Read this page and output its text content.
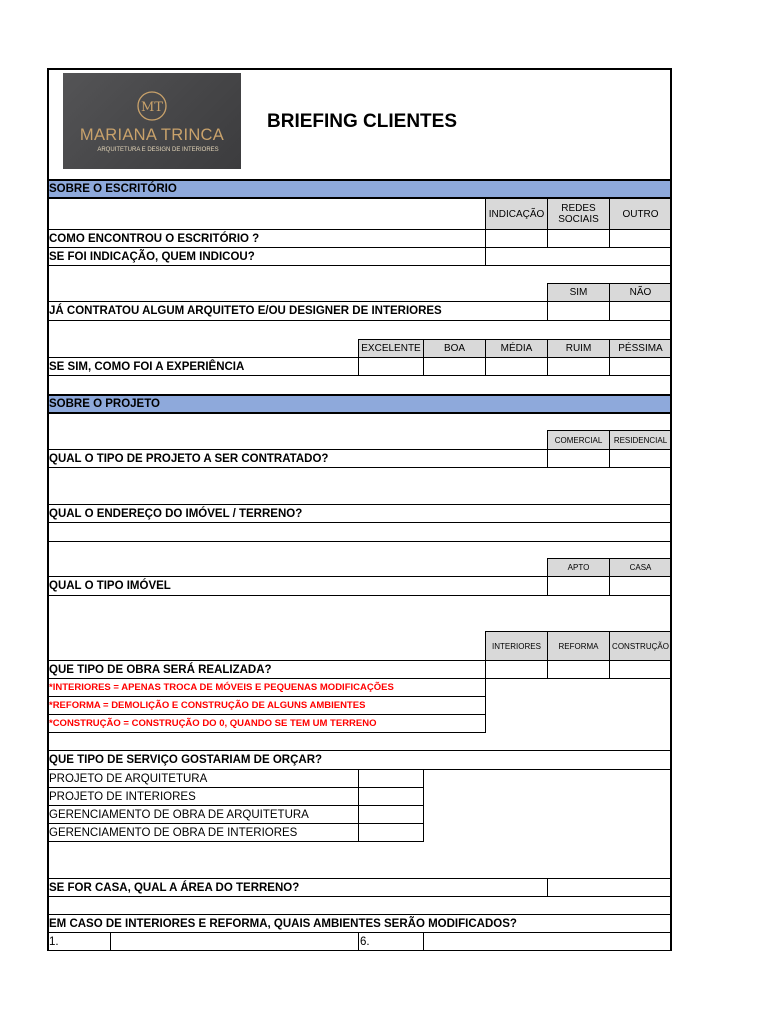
MT
MARIANA TRINCA
ARQUITETURA E DESIGN DE INTERIORES
BRIEFING CLIENTES
SOBRE O ESCRITÓRIO
INDICAÇÃO	REDES SOCIAIS	OUTRO
COMO ENCONTROU O ESCRITÓRIO ?
SE FOI INDICAÇÃO, QUEM INDICOU?
SIM	NÃO
JÁ CONTRATOU ALGUM ARQUITETO E/OU DESIGNER DE INTERIORES
EXCELENTE	BOA	MÉDIA	RUIM	PÉSSIMA
SE SIM, COMO FOI A EXPERIÊNCIA
SOBRE O PROJETO
COMERCIAL	RESIDENCIAL
QUAL O TIPO DE PROJETO A SER CONTRATADO?
QUAL O ENDEREÇO DO IMÓVEL / TERRENO?
APTO	CASA
QUAL O TIPO IMÓVEL
INTERIORES	REFORMA	CONSTRUÇÃO
QUE TIPO DE OBRA SERÁ REALIZADA?
*INTERIORES = APENAS TROCA DE MÓVEIS E PEQUENAS MODIFICAÇÕES
*REFORMA = DEMOLIÇÃO E CONSTRUÇÃO DE ALGUNS AMBIENTES
*CONSTRUÇÃO = CONSTRUÇÃO DO 0, QUANDO SE TEM UM TERRENO
QUE TIPO DE SERVIÇO GOSTARIAM DE ORÇAR?
PROJETO DE ARQUITETURA
PROJETO DE INTERIORES
GERENCIAMENTO DE OBRA DE ARQUITETURA
GERENCIAMENTO DE OBRA DE INTERIORES
SE FOR CASA, QUAL A ÁREA DO TERRENO?
EM CASO DE INTERIORES E REFORMA, QUAIS AMBIENTES SERÃO MODIFICADOS?
1.	6.
